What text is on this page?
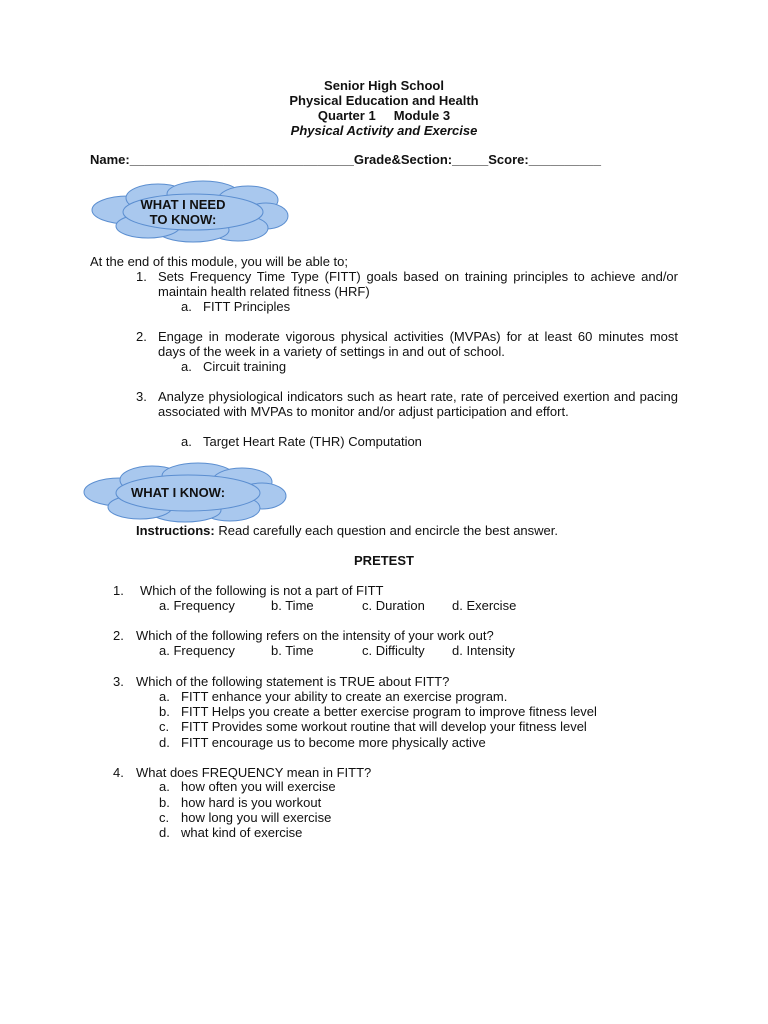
Senior High School
Physical Education and Health
Quarter 1     Module 3
Physical Activity and Exercise
Name:_______________________________Grade&Section:_____Score:__________
WHAT I NEED
TO KNOW:
At the end of this module, you will be able to;
1. Sets Frequency Time Type (FITT) goals based on training principles to achieve and/or maintain health related fitness (HRF)
a. FITT Principles
2. Engage in moderate vigorous physical activities (MVPAs) for at least 60 minutes most days of the week in a variety of settings in and out of school.
a. Circuit training
3. Analyze physiological indicators such as heart rate, rate of perceived exertion and pacing associated with MVPAs to monitor and/or adjust participation and effort.
a. Target Heart Rate (THR) Computation
WHAT I KNOW:
Instructions: Read carefully each question and encircle the best answer.
PRETEST
1. Which of the following is not a part of FITT
a. Frequency	b. Time	c. Duration d. Exercise
2. Which of the following refers on the intensity of your work out?
a. Frequency	b. Time	c. Difficulty d. Intensity
3. Which of the following statement is TRUE about FITT?
a. FITT enhance your ability to create an exercise program.
b. FITT Helps you create a better exercise program to improve fitness level
c. FITT Provides some workout routine that will develop your fitness level
d. FITT encourage us to become more physically active
4. What does FREQUENCY mean in FITT?
a. how often you will exercise
b. how hard is you workout
c. how long you will exercise
d. what kind of exercise
